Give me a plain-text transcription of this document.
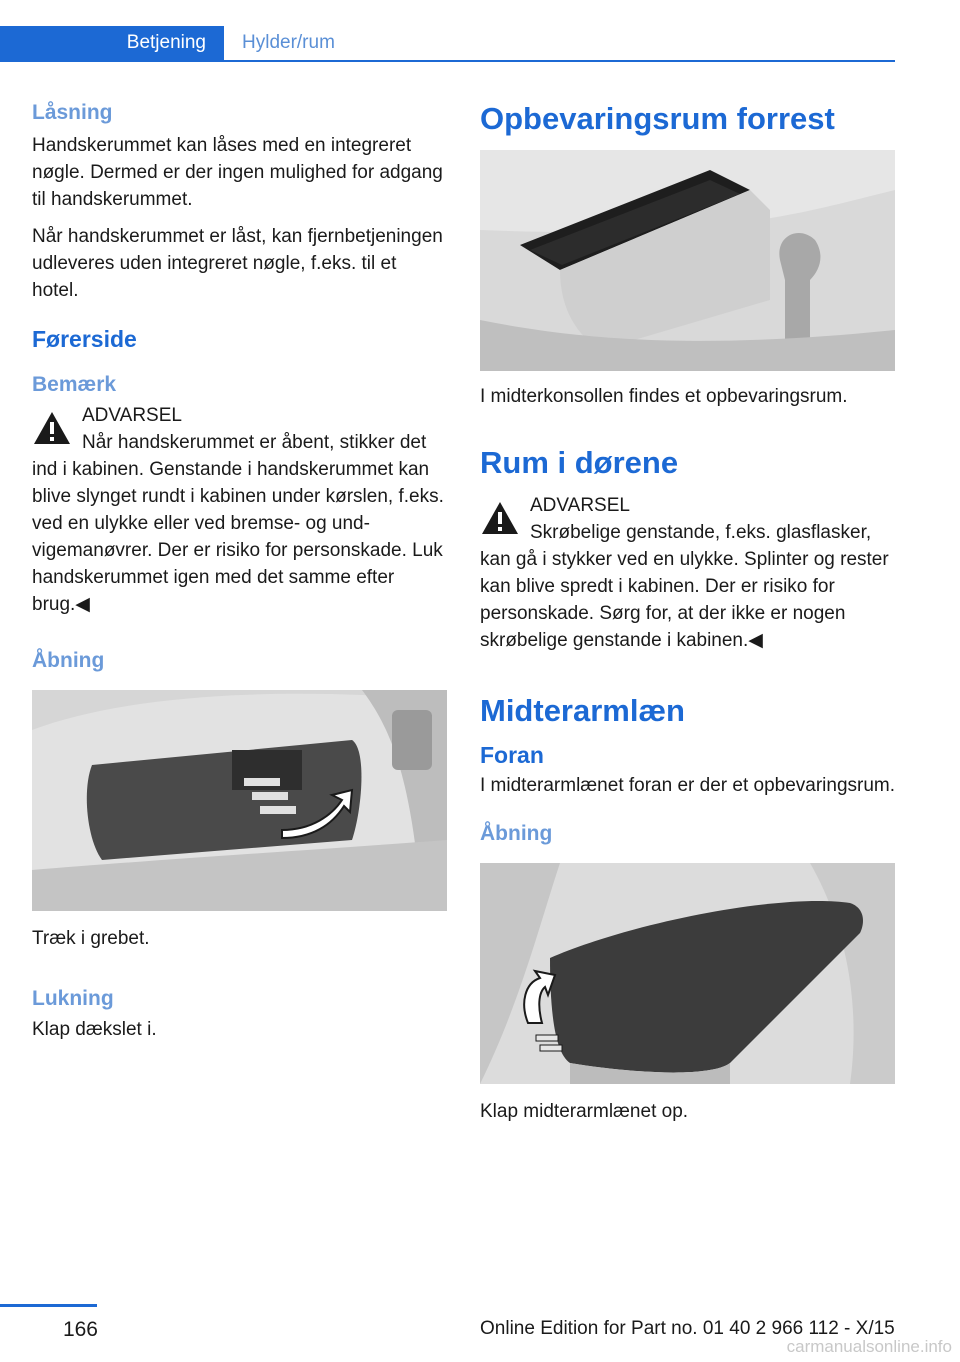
Betjening	Hylder/rum
Låsning

Handskerummet kan låses med en integreret nøgle. Dermed er der ingen mulighed for adgang til handskerummet.

Når handskerummet er låst, kan fjernbetjeningen udleveres uden integreret nøgle, f.eks. til et hotel.

Førerside
Bemærk
ADVARSEL

Når handskerummet er åbent, stikker det
ind i kabinen. Genstande i handskerummet kan blive slynget rundt i kabinen under kørslen, f.eks. ved en ulykke eller ved bremse- og undvigemanøvrer. Der er risiko for personskade. Luk handskerummet igen med det samme efter brug.◀

Åbning

Træk i grebet.

Lukning

Klap dækslet i.

Opbevaringsrum forrest

I midterkonsollen findes et opbevaringsrum.

Rum i dørene
ADVARSEL

Skrøbelige genstande, f.eks. glasflasker,
kan gå i stykker ved en ulykke. Splinter og rester kan blive spredt i kabinen. Der er risiko for personskade. Sørg for, at der ikke er nogen skrøbelige genstande i kabinen.◀

Midterarmlæn
Foran

I midterarmlænet foran er der et opbevaringsrum.

Åbning

Klap midterarmlænet op.

166	Online Edition for Part no. 01 40 2 966 112 - X/15
carmanualsonline.info
